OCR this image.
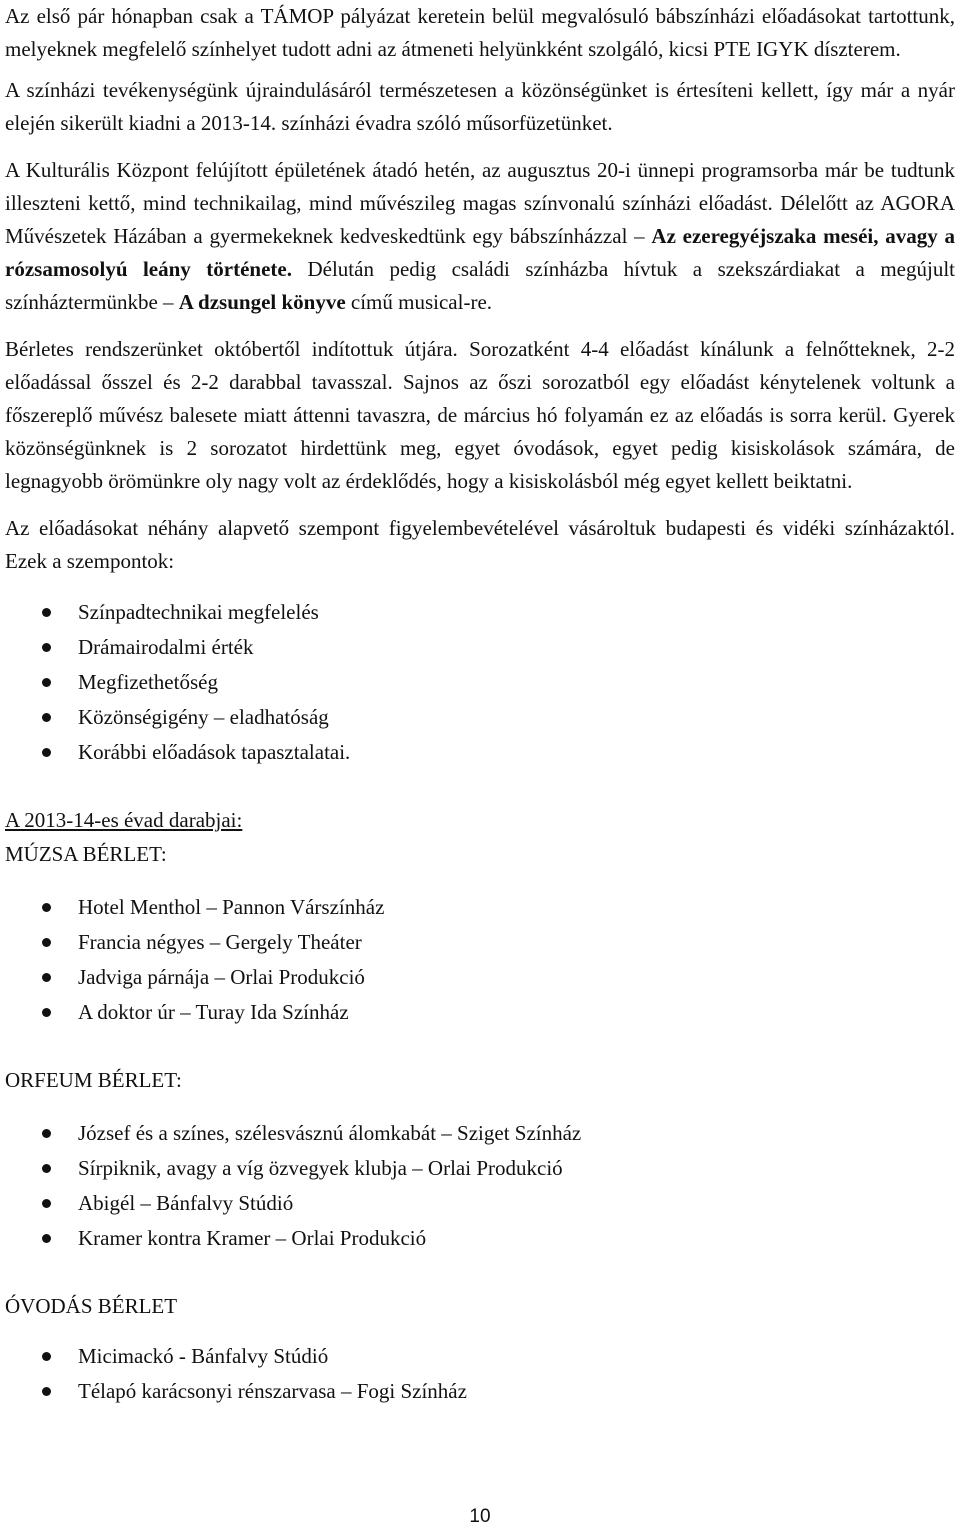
Az első pár hónapban csak a TÁMOP pályázat keretein belül megvalósuló bábszínházi előadásokat tartottunk, melyeknek megfelelő színhelyet tudott adni az átmeneti helyünkként szolgáló, kicsi PTE IGYK díszterem.

A színházi tevékenységünk újraindulásáról természetesen a közönségünket is értesíteni kellett, így már a nyár elején sikerült kiadni a 2013-14. színházi évadra szóló műsorfüzetünket.

A Kulturális Központ felújított épületének átadó hetén, az augusztus 20-i ünnepi programsorba már be tudtunk illeszteni kettő, mind technikailag, mind művészileg magas színvonalú színházi előadást. Délelőtt az AGORA Művészetek Házában a gyermekeknek kedveskedtünk egy bábszínházzal – Az ezeregyéjszaka meséi, avagy a rózsamosolyú leány története. Délután pedig családi színházba hívtuk a szekszárdiakat a megújult színháztermünkbe – A dzsungel könyve című musical-re.

Bérletes rendszerünket októbertől indítottuk útjára. Sorozatként 4-4 előadást kínálunk a felnőtteknek, 2-2 előadással ősszel és 2-2 darabbal tavasszal. Sajnos az őszi sorozatból egy előadást kénytelenek voltunk a főszereplő művész balesete miatt áttenni tavaszra, de március hó folyamán ez az előadás is sorra kerül. Gyerek közönségünknek is 2 sorozatot hirdettünk meg, egyet óvodások, egyet pedig kisiskolások számára, de legnagyobb örömünkre oly nagy volt az érdeklődés, hogy a kisiskolásból még egyet kellett beiktatni.

Az előadásokat néhány alapvető szempont figyelembevételével vásároltuk budapesti és vidéki színházaktól. Ezek a szempontok:

Színpadtechnikai megfelelés
Drámairodalmi érték
Megfizethetőség
Közönségigény – eladhatóság
Korábbi előadások tapasztalatai.
A 2013-14-es évad darabjai:
MÚZSA BÉRLET:
Hotel Menthol – Pannon Várszínház
Francia négyes – Gergely Theáter
Jadviga párnája – Orlai Produkció
A doktor úr – Turay Ida Színház
ORFEUM BÉRLET:
József és a színes, szélesvásznú álomkabát – Sziget Színház
Sírpiknik, avagy a víg özvegyek klubja – Orlai Produkció
Abigél – Bánfalvy Stúdió
Kramer kontra Kramer – Orlai Produkció
ÓVODÁS BÉRLET
Micimackó - Bánfalvy Stúdió
Télapó karácsonyi rénszarvasa – Fogi Színház
10
